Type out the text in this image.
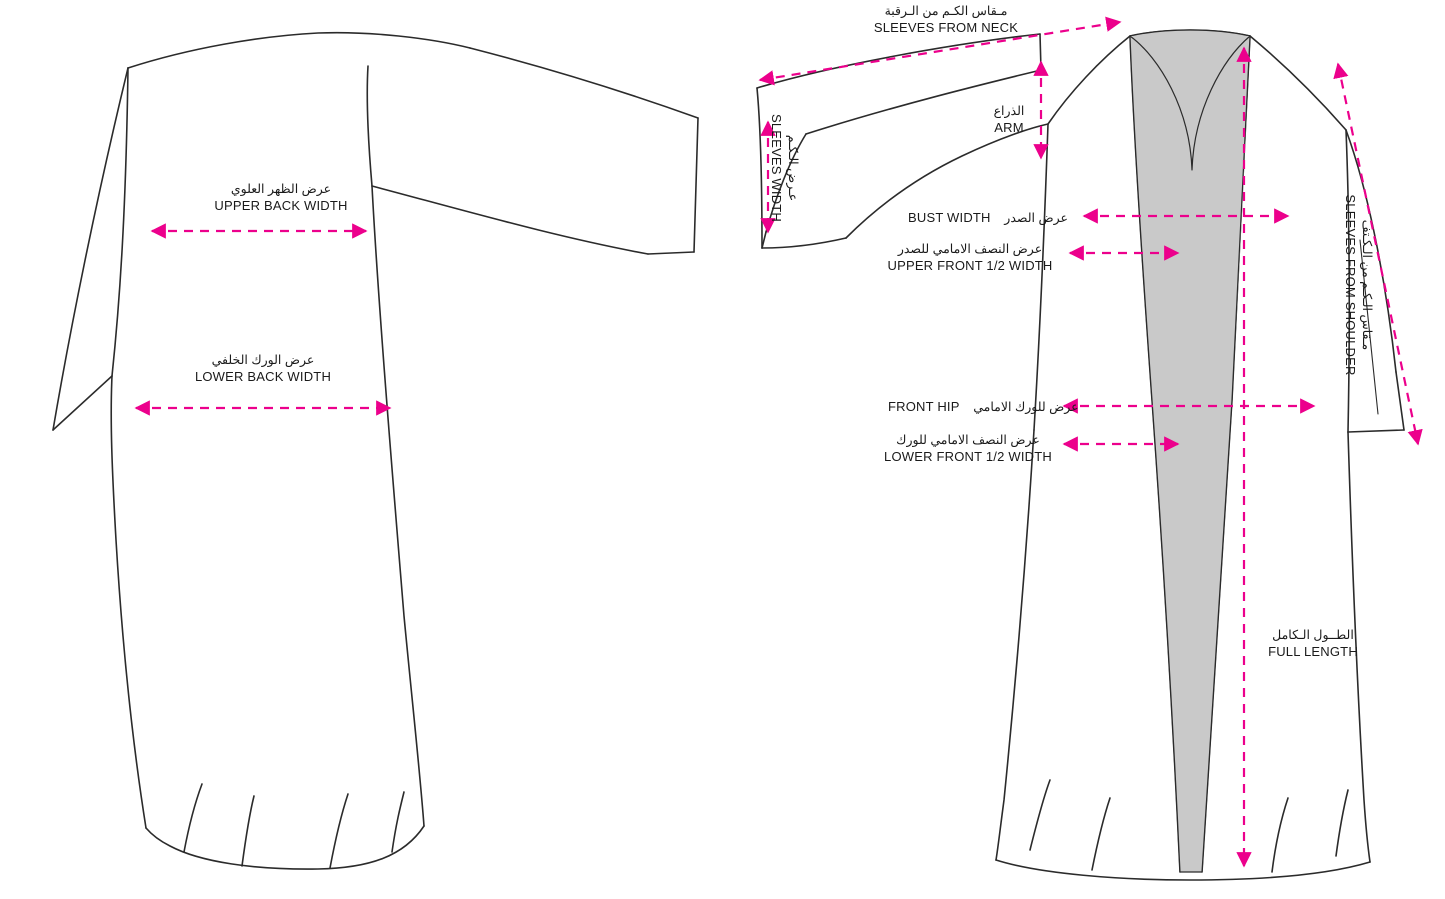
عرض الظهر العلوي
UPPER BACK WIDTH
عرض الورك الخلفي
LOWER BACK WIDTH
مـقاس الكـم من الـرقبة
SLEEVES FROM NECK
عـرض الـكـم
SLEEVES WIDTH
الذراع
ARM
BUST WIDTH عرض الصدر
عرض النصف الامامي للصدر
UPPER FRONT 1/2 WIDTH
FRONT HIP عرض للورك الامامي
عرض النصف الامامي للورك
LOWER FRONT 1/2 WIDTH
مـقاس الـكـم من الـكـتف
SLEEVES FROM SHOULDER
الطــول الـكامل
FULL LENGTH
